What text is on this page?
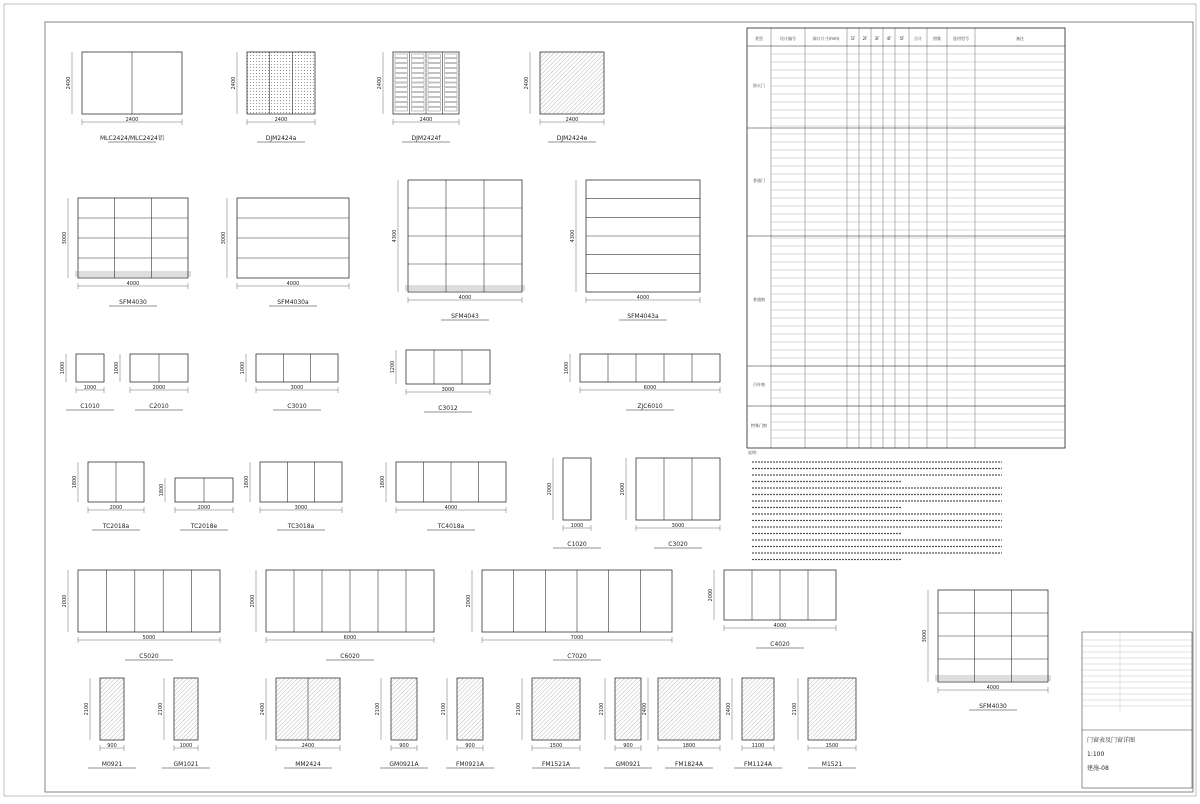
2400
2400
MLC2424/MLC2424铝
2400
2400
DJM2424a
2400
2400
DJM2424f
2400
2400
DJM2424e
4000
3000
SFM4030
4000
3000
SFM4030a
4000
4300
SFM4043
4000
4300
SFM4043a
1000
1000
C1010
2000
1000
C2010
3000
1000
C3010
3000
1200
C3012
6000
1000
ZJC6010
2000
1800
TC2018a
2000
1800
TC2018e
3000
1800
TC3018a
4000
1800
TC4018a	1000
2000
C1020
3000
2000
C3020
5000
2000
C5020
6000
2000
C6020
7000
2000
C7020
4000
2000
C4020
900
2100
M0921
1000
2100
GM1021
2400
2400
MM2424
900
2100
GM0921A
900
2100
FM0921A
1500
2100
FM1521A
900
2100
GM0921
1800
2400
FM1824A
1100
2400
FM1124A
1500
2100
M1521
4000
3000
SFM4030
类型	设计编号	洞口尺寸(mm)	1F 2F 3F 4F 5F 合计	图集	选用型号	备注
防火门
普通门
普通窗
百叶窗
特殊门窗
说明：
门窗表及门窗详图
1:100
建施-08
